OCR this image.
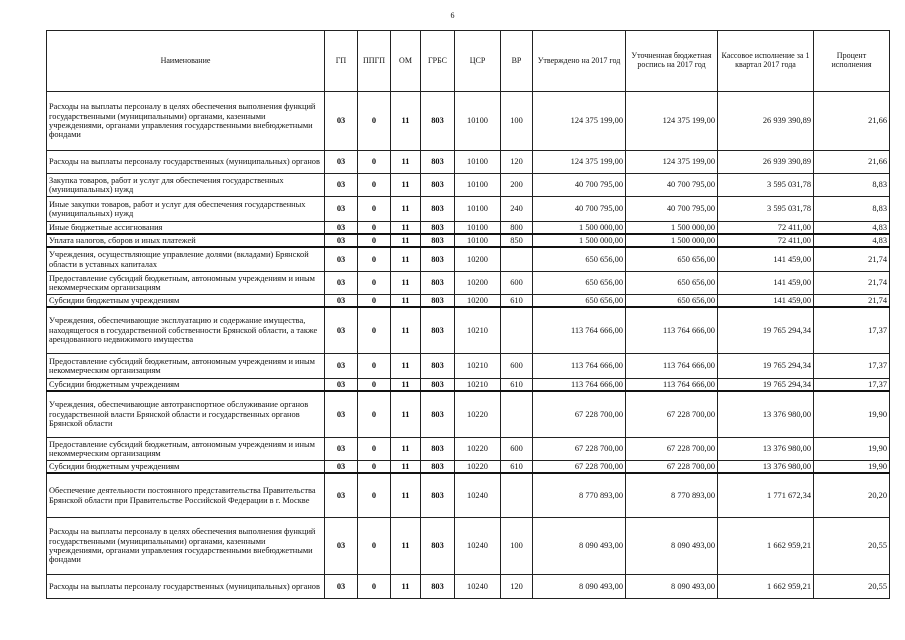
6
Наименование	ГП	ППГП	ОМ	ГРБС	ЦСР	ВР	Утверждено на 2017 год	Уточненная бюджетная роспись на 2017 год	Кассовое исполнение за 1 квартал 2017 года	Процент исполнения
Расходы на выплаты персоналу в целях обеспечения выполнения функций государственными (муниципальными) органами, казенными учреждениями, органами управления государственными внебюджетными фондами	03	0	11	803	10100	100	124 375 199,00	124 375 199,00	26 939 390,89	21,66
Расходы на выплаты персоналу государственных (муниципальных) органов	03	0	11	803	10100	120	124 375 199,00	124 375 199,00	26 939 390,89	21,66
Закупка товаров, работ и услуг для обеспечения государственных (муниципальных) нужд	03	0	11	803	10100	200	40 700 795,00	40 700 795,00	3 595 031,78	8,83
Иные закупки товаров, работ и услуг для обеспечения государственных (муниципальных) нужд	03	0	11	803	10100	240	40 700 795,00	40 700 795,00	3 595 031,78	8,83
Иные бюджетные ассигнования	03	0	11	803	10100	800	1 500 000,00	1 500 000,00	72 411,00	4,83
Уплата налогов, сборов и иных платежей	03	0	11	803	10100	850	1 500 000,00	1 500 000,00	72 411,00	4,83
Учреждения, осуществляющие управление долями (вкладами) Брянской области в уставных капиталах	03	0	11	803	10200		650 656,00	650 656,00	141 459,00	21,74
Предоставление субсидий бюджетным, автономным учреждениям и иным некоммерческим организациям	03	0	11	803	10200	600	650 656,00	650 656,00	141 459,00	21,74
Субсидии бюджетным учреждениям	03	0	11	803	10200	610	650 656,00	650 656,00	141 459,00	21,74
Учреждения, обеспечивающие эксплуатацию и содержание имущества, находящегося в государственной собственности Брянской области, а также арендованного недвижимого имущества	03	0	11	803	10210		113 764 666,00	113 764 666,00	19 765 294,34	17,37
Предоставление субсидий бюджетным, автономным учреждениям и иным некоммерческим организациям	03	0	11	803	10210	600	113 764 666,00	113 764 666,00	19 765 294,34	17,37
Субсидии бюджетным учреждениям	03	0	11	803	10210	610	113 764 666,00	113 764 666,00	19 765 294,34	17,37
Учреждения, обеспечивающие автотранспортное обслуживание органов государственной власти Брянской области и государственных органов Брянской области	03	0	11	803	10220		67 228 700,00	67 228 700,00	13 376 980,00	19,90
Предоставление субсидий бюджетным, автономным учреждениям и иным некоммерческим организациям	03	0	11	803	10220	600	67 228 700,00	67 228 700,00	13 376 980,00	19,90
Субсидии бюджетным учреждениям	03	0	11	803	10220	610	67 228 700,00	67 228 700,00	13 376 980,00	19,90
Обеспечение деятельности постоянного представительства Правительства Брянской области при Правительстве Российской Федерации в г. Москве	03	0	11	803	10240		8 770 893,00	8 770 893,00	1 771 672,34	20,20
Расходы на выплаты персоналу в целях обеспечения выполнения функций государственными (муниципальными) органами, казенными учреждениями, органами управления государственными внебюджетными фондами	03	0	11	803	10240	100	8 090 493,00	8 090 493,00	1 662 959,21	20,55
Расходы на выплаты персоналу государственных (муниципальных) органов	03	0	11	803	10240	120	8 090 493,00	8 090 493,00	1 662 959,21	20,55
